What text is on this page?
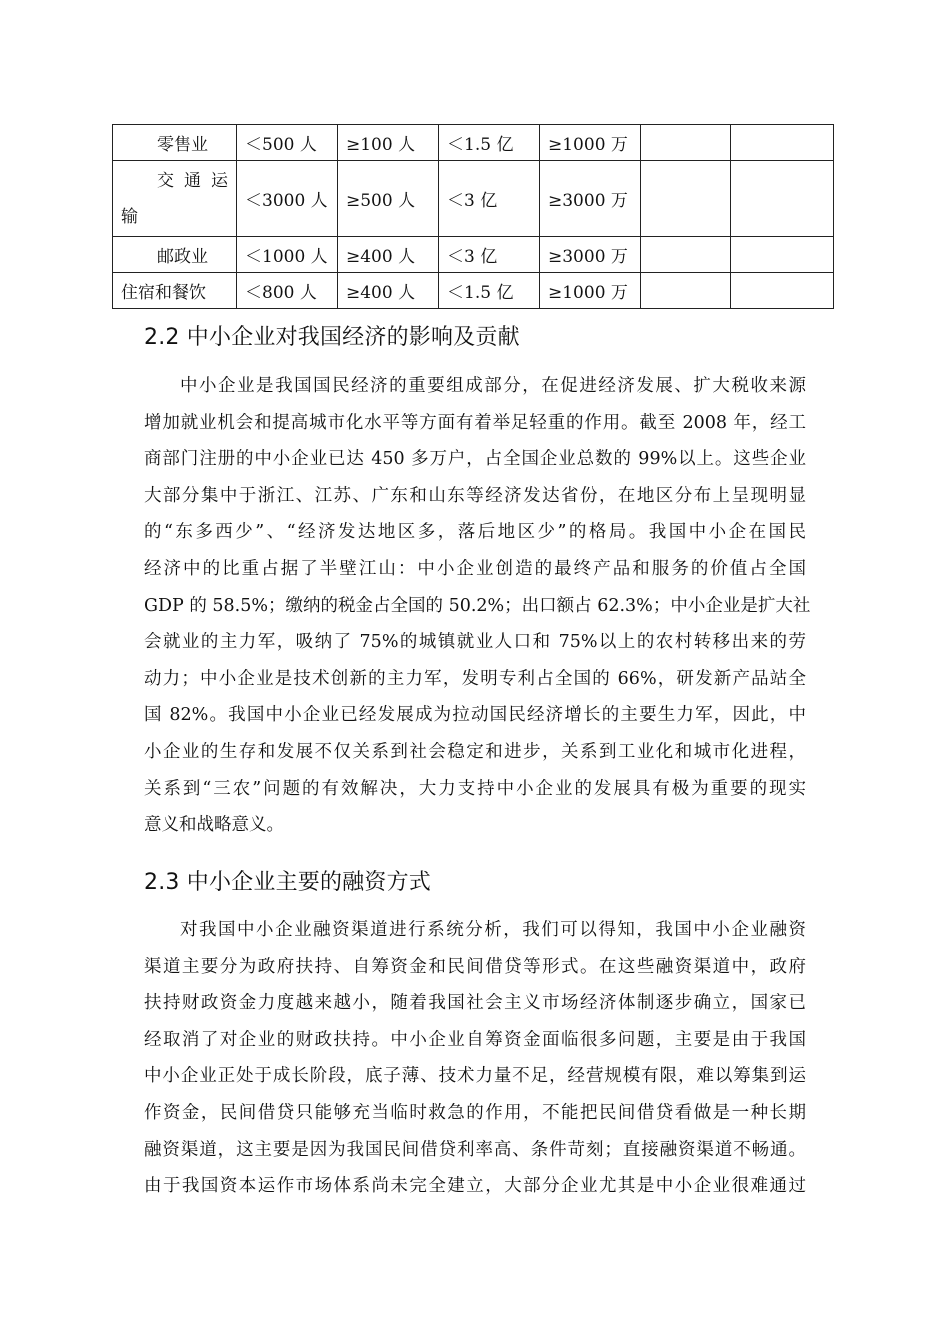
零售业	＜500 人	≥100 人	＜1.5 亿	≥1000 万		

交 通 运
输	＜3000 人	≥500 人	＜3 亿	≥3000 万		
邮政业	＜1000 人	≥400 人	＜3 亿	≥3000 万		
住宿和餐饮	＜800 人	≥400 人	＜1.5 亿	≥1000 万		
2.2 中小企业对我国经济的影响及贡献
中小企业是我国国民经济的重要组成部分，在促进经济发展、扩大税收来源
增加就业机会和提高城市化水平等方面有着举足轻重的作用。截至 2008 年，经工
商部门注册的中小企业已达 450 多万户，占全国企业总数的 99%以上。这些企业
大部分集中于浙江、江苏、广东和山东等经济发达省份，在地区分布上呈现明显
的“东多西少”、“经济发达地区多，落后地区少”的格局。我国中小企在国民
经济中的比重占据了半壁江山：中小企业创造的最终产品和服务的价值占全国
GDP 的 58.5%；缴纳的税金占全国的 50.2%；出口额占 62.3%；中小企业是扩大社
会就业的主力军，吸纳了 75%的城镇就业人口和 75%以上的农村转移出来的劳
动力；中小企业是技术创新的主力军，发明专利占全国的 66%，研发新产品站全
国 82%。我国中小企业已经发展成为拉动国民经济增长的主要生力军，因此，中
小企业的生存和发展不仅关系到社会稳定和进步，关系到工业化和城市化进程，
关系到“三农”问题的有效解决，大力支持中小企业的发展具有极为重要的现实
意义和战略意义。
2.3 中小企业主要的融资方式
对我国中小企业融资渠道进行系统分析，我们可以得知，我国中小企业融资
渠道主要分为政府扶持、自筹资金和民间借贷等形式。在这些融资渠道中，政府
扶持财政资金力度越来越小，随着我国社会主义市场经济体制逐步确立，国家已
经取消了对企业的财政扶持。中小企业自筹资金面临很多问题，主要是由于我国
中小企业正处于成长阶段，底子薄、技术力量不足，经营规模有限，难以筹集到运
作资金，民间借贷只能够充当临时救急的作用，不能把民间借贷看做是一种长期
融资渠道，这主要是因为我国民间借贷利率高、条件苛刻；直接融资渠道不畅通。
由于我国资本运作市场体系尚未完全建立，大部分企业尤其是中小企业很难通过
